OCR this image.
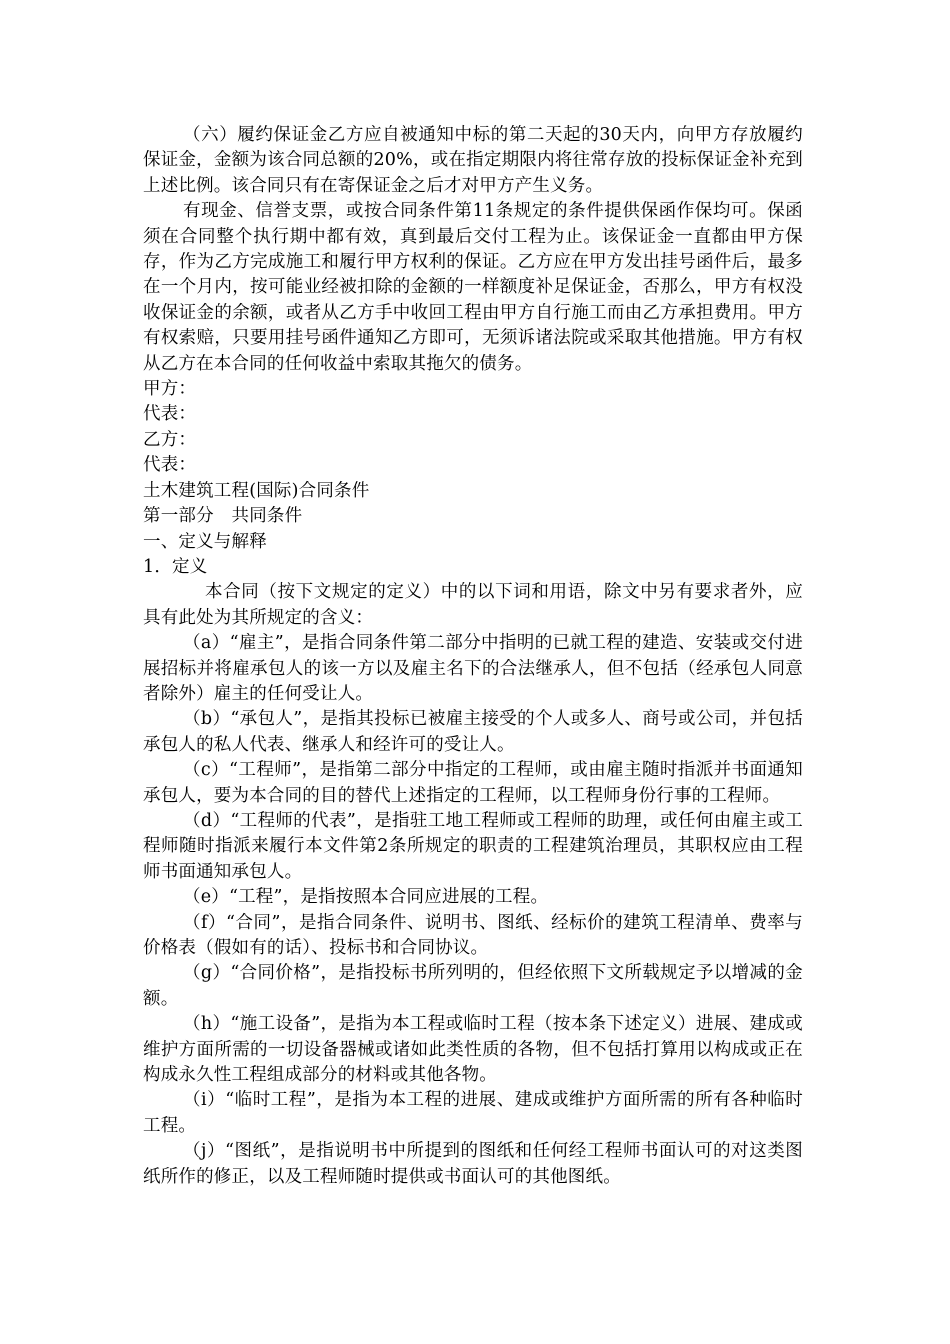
（六）履约保证金乙方应自被通知中标的第二天起的30天内，向甲方存放履约保证金，金额为该合同总额的20%，或在指定期限内将往常存放的投标保证金补充到上述比例。该合同只有在寄保证金之后才对甲方产生义务。

有现金、信誉支票，或按合同条件第11条规定的条件提供保函作保均可。保函须在合同整个执行期中都有效，真到最后交付工程为止。该保证金一直都由甲方保存，作为乙方完成施工和履行甲方权利的保证。乙方应在甲方发出挂号函件后，最多在一个月内，按可能业经被扣除的金额的一样额度补足保证金，否那么，甲方有权没收保证金的余额，或者从乙方手中收回工程由甲方自行施工而由乙方承担费用。甲方有权索赔，只要用挂号函件通知乙方即可，无须诉诸法院或采取其他措施。甲方有权从乙方在本合同的任何收益中索取其拖欠的债务。

甲方：

代表：

乙方：

代表：

土木建筑工程(国际)合同条件

第一部分　共同条件

一、定义与解释

1．定义

本合同（按下文规定的定义）中的以下词和用语，除文中另有要求者外，应具有此处为其所规定的含义：

（a）“雇主”，是指合同条件第二部分中指明的已就工程的建造、安装或交付进展招标并将雇承包人的该一方以及雇主名下的合法继承人，但不包括（经承包人同意者除外）雇主的任何受让人。

（b）“承包人”，是指其投标已被雇主接受的个人或多人、商号或公司，并包括承包人的私人代表、继承人和经许可的受让人。

（c）“工程师”，是指第二部分中指定的工程师，或由雇主随时指派并书面通知承包人，要为本合同的目的替代上述指定的工程师，以工程师身份行事的工程师。

（d）“工程师的代表”，是指驻工地工程师或工程师的助理，或任何由雇主或工程师随时指派来履行本文件第2条所规定的职责的工程建筑治理员，其职权应由工程师书面通知承包人。

（e）“工程”，是指按照本合同应进展的工程。

（f）“合同”，是指合同条件、说明书、图纸、经标价的建筑工程清单、费率与价格表（假如有的话）、投标书和合同协议。

（g）“合同价格”，是指投标书所列明的，但经依照下文所载规定予以增减的金额。

（h）“施工设备”，是指为本工程或临时工程（按本条下述定义）进展、建成或维护方面所需的一切设备器械或诸如此类性质的各物，但不包括打算用以构成或正在构成永久性工程组成部分的材料或其他各物。

（i）“临时工程”，是指为本工程的进展、建成或维护方面所需的所有各种临时工程。

（j）“图纸”，是指说明书中所提到的图纸和任何经工程师书面认可的对这类图纸所作的修正，以及工程师随时提供或书面认可的其他图纸。
